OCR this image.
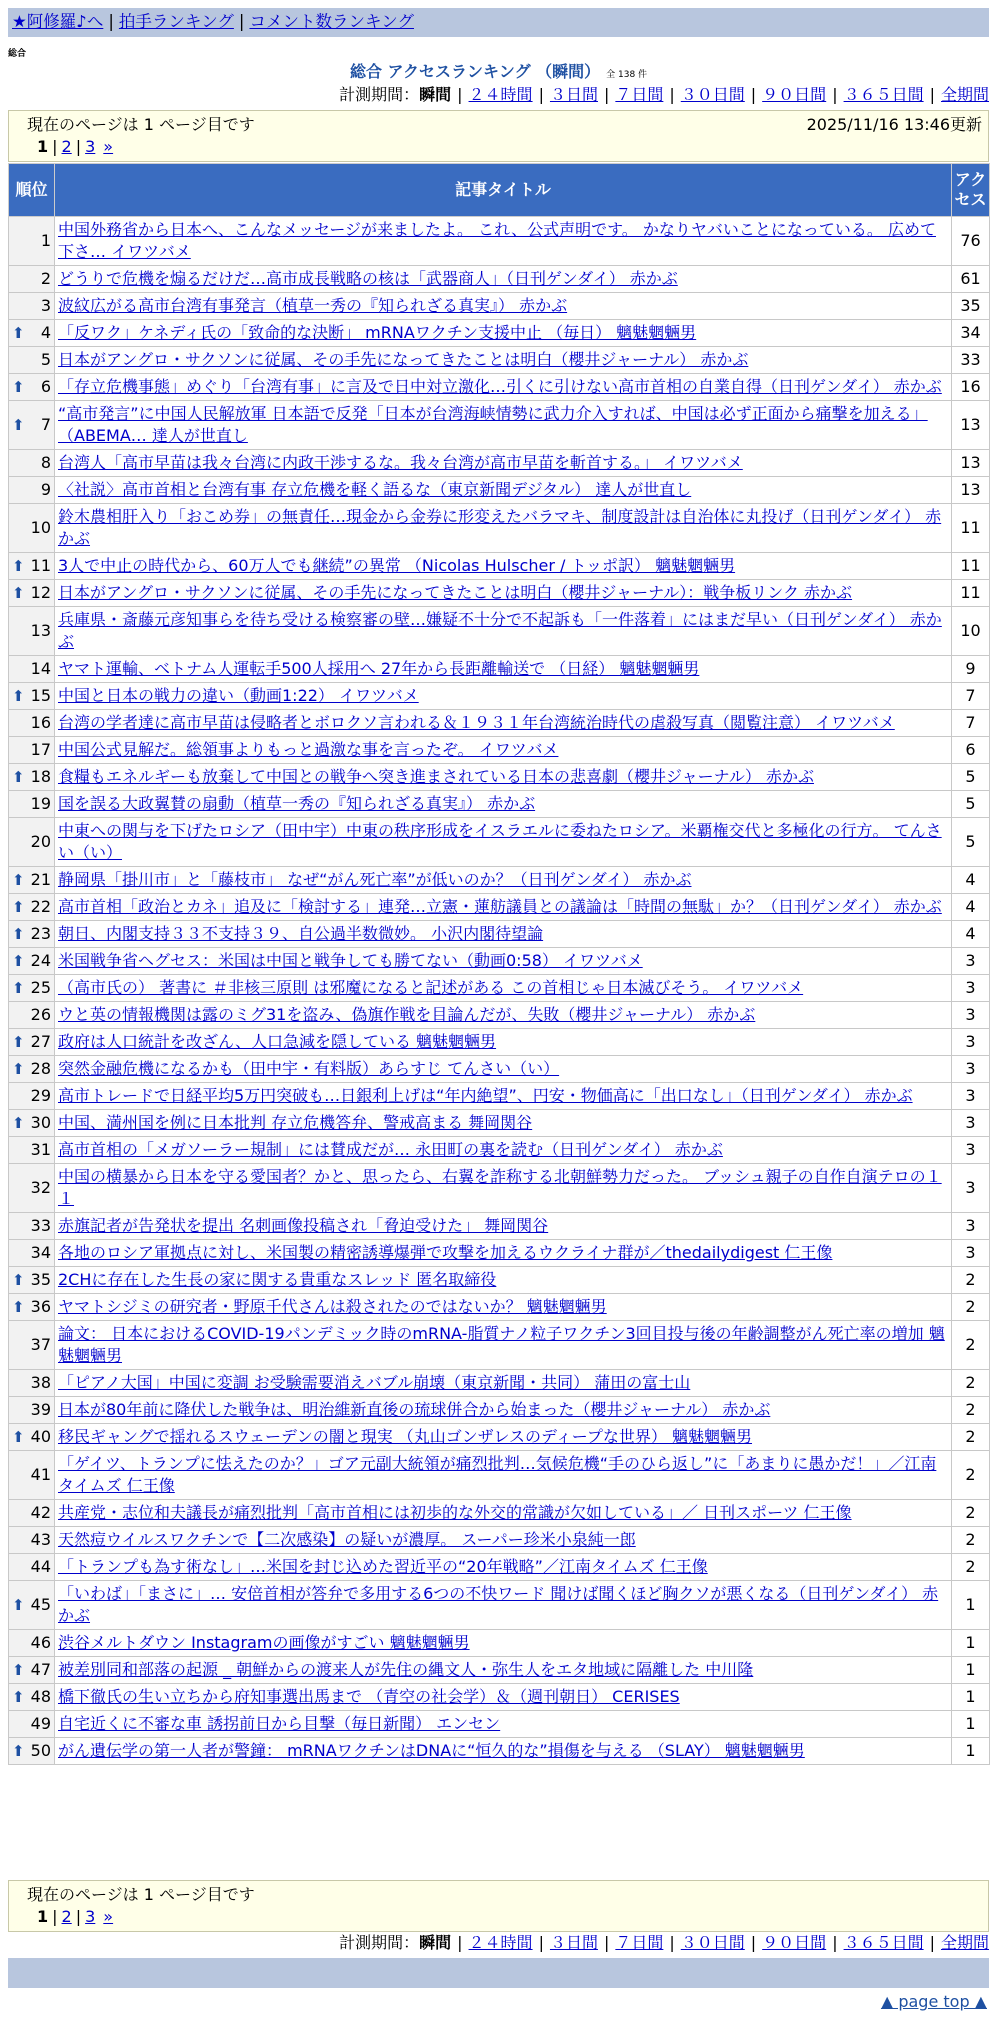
★阿修羅♪へ | 拍手ランキング | コメント数ランキング
総合
総合 アクセスランキング （瞬間） 全 138 件
計測期間：瞬間 | ２４時間 | ３日間 | ７日間 | ３０日間 | ９０日間 | ３６５日間 | 全期間
現在のページは 1 ページ目です	2025/11/16 13:46更新
1 | 2 | 3 »
順位	記事タイトル	アクセス
1	中国外務省から日本へ、こんなメッセージが来ましたよ。 これ、公式声明です。 かなりヤバいことになっている。 広めて下さ… イワツバメ	76
2	どうりで危機を煽るだけだ…高市成長戦略の核は「武器商人」（日刊ゲンダイ） 赤かぶ	61
3	波紋広がる高市台湾有事発言（植草一秀の『知られざる真実』） 赤かぶ	35

⬆ 4	「反ワク」ケネディ氏の「致命的な決断」 mRNAワクチン支援中止 （毎日） 魑魅魍魎男	34
5	日本がアングロ・サクソンに従属、その手先になってきたことは明白（櫻井ジャーナル） 赤かぶ	33

⬆ 6	「存立危機事態」めぐり「台湾有事」に言及で日中対立激化…引くに引けない高市首相の自業自得（日刊ゲンダイ） 赤かぶ	16

⬆ 7	“高市発言”に中国人民解放軍 日本語で反発「日本が台湾海峡情勢に武力介入すれば、中国は必ず正面から痛撃を加える」（ABEMA… 達人が世直し	13
8	台湾人「高市早苗は我々台湾に内政干渉するな。我々台湾が高市早苗を斬首する。」 イワツバメ	13
9	〈社説〉高市首相と台湾有事 存立危機を軽く語るな（東京新聞デジタル） 達人が世直し	13
10	鈴木農相肝入り「おこめ券」の無責任…現金から金券に形変えたバラマキ、制度設計は自治体に丸投げ（日刊ゲンダイ） 赤かぶ	11

⬆ 11	3人で中止の時代から、60万人でも継続”の異常 （Nicolas Hulscher / トッポ訳） 魑魅魍魎男	11

⬆ 12	日本がアングロ・サクソンに従属、その手先になってきたことは明白（櫻井ジャーナル）：戦争板リンク 赤かぶ	11
13	兵庫県・斎藤元彦知事らを待ち受ける検察審の壁…嫌疑不十分で不起訴も「一件落着」にはまだ早い（日刊ゲンダイ） 赤かぶ	10
14	ヤマト運輸、ベトナム人運転手500人採用へ 27年から長距離輸送で （日経） 魑魅魍魎男	9

⬆ 15	中国と日本の戦力の違い（動画1:22） イワツバメ	7
16	台湾の学者達に高市早苗は侵略者とボロクソ言われる＆１９３１年台湾統治時代の虐殺写真（閲覧注意） イワツバメ	7
17	中国公式見解だ。総領事よりもっと過激な事を言ったぞ。 イワツバメ	6

⬆ 18	食糧もエネルギーも放棄して中国との戦争へ突き進まされている日本の悲喜劇（櫻井ジャーナル） 赤かぶ	5
19	国を誤る大政翼賛の扇動（植草一秀の『知られざる真実』） 赤かぶ	5
20	中東への関与を下げたロシア（田中宇）中東の秩序形成をイスラエルに委ねたロシア。米覇権交代と多極化の行方。 てんさい（い）	5

⬆ 21	静岡県「掛川市」と「藤枝市」 なぜ“がん死亡率”が低いのか？（日刊ゲンダイ） 赤かぶ	4

⬆ 22	高市首相「政治とカネ」追及に「検討する」連発…立憲・蓮舫議員との議論は「時間の無駄」か？（日刊ゲンダイ） 赤かぶ	4

⬆ 23	朝日、内閣支持３３不支持３９、自公過半数微妙。 小沢内閣待望論	4

⬆ 24	米国戦争省ヘグセス：米国は中国と戦争しても勝てない（動画0:58） イワツバメ	3

⬆ 25	（高市氏の） 著書に ＃非核三原則 は邪魔になると記述がある この首相じゃ日本滅びそう。 イワツバメ	3
26	ウと英の情報機関は露のミグ31を盗み、偽旗作戦を目論んだが、失敗（櫻井ジャーナル） 赤かぶ	3

⬆ 27	政府は人口統計を改ざん、人口急減を隠している 魑魅魍魎男	3

⬆ 28	突然金融危機になるかも（田中宇・有料版）あらすじ てんさい（い）	3
29	高市トレードで日経平均5万円突破も…日銀利上げは“年内絶望”、円安・物価高に「出口なし」（日刊ゲンダイ） 赤かぶ	3

⬆ 30	中国、満州国を例に日本批判 存立危機答弁、警戒高まる 舞岡関谷	3
31	高市首相の「メガソーラー規制」には賛成だが… 永田町の裏を読む（日刊ゲンダイ） 赤かぶ	3
32	中国の横暴から日本を守る愛国者？かと、思ったら、右翼を詐称する北朝鮮勢力だった。 ブッシュ親子の自作自演テロの１１	3
33	赤旗記者が告発状を提出 名刺画像投稿され「脅迫受けた」 舞岡関谷	3
34	各地のロシア軍拠点に対し、米国製の精密誘導爆弾で攻撃を加えるウクライナ群が／thedailydigest 仁王像	3

⬆ 35	2CHに存在した生長の家に関する貴重なスレッド 匿名取締役	2

⬆ 36	ヤマトシジミの研究者・野原千代さんは殺されたのではないか？ 魑魅魍魎男	2
37	論文： 日本におけるCOVID-19パンデミック時のmRNA-脂質ナノ粒子ワクチン3回目投与後の年齢調整がん死亡率の増加 魑魅魍魎男	2
38	「ピアノ大国」中国に変調 お受験需要消えバブル崩壊（東京新聞・共同） 蒲田の富士山	2
39	日本が80年前に降伏した戦争は、明治維新直後の琉球併合から始まった（櫻井ジャーナル） 赤かぶ	2

⬆ 40	移民ギャングで揺れるスウェーデンの闇と現実 （丸山ゴンザレスのディープな世界） 魑魅魍魎男	2
41	「ゲイツ、トランプに怯えたのか？」ゴア元副大統領が痛烈批判…気候危機“手のひら返し”に「あまりに愚かだ！」／江南タイムズ 仁王像	2
42	共産党・志位和夫議長が痛烈批判「高市首相には初歩的な外交的常識が欠如している」／ 日刊スポーツ 仁王像	2
43	天然痘ウイルスワクチンで【二次感染】の疑いが濃厚。 スーパー珍米小泉純一郎	2
44	「トランプも為す術なし」…米国を封じ込めた習近平の“20年戦略”／江南タイムズ 仁王像	2

⬆ 45	「いわば」「まさに」… 安倍首相が答弁で多用する6つの不快ワード 聞けば聞くほど胸クソが悪くなる（日刊ゲンダイ） 赤かぶ	1
46	渋谷メルトダウン Instagramの画像がすごい 魑魅魍魎男	1

⬆ 47	被差別同和部落の起源 _ 朝鮮からの渡来人が先住の縄文人・弥生人をエタ地域に隔離した 中川隆	1

⬆ 48	橋下徹氏の生い立ちから府知事選出馬まで （青空の社会学）＆（週刊朝日） CERISES	1
49	自宅近くに不審な車 誘拐前日から目撃（毎日新聞） エンセン	1

⬆ 50	がん遺伝学の第一人者が警鐘： mRNAワクチンはDNAに“恒久的な”損傷を与える （SLAY） 魑魅魍魎男	1
現在のページは 1 ページ目です
1 | 2 | 3 »
計測期間：瞬間 | ２４時間 | ３日間 | ７日間 | ３０日間 | ９０日間 | ３６５日間 | 全期間
▲ page top ▲
